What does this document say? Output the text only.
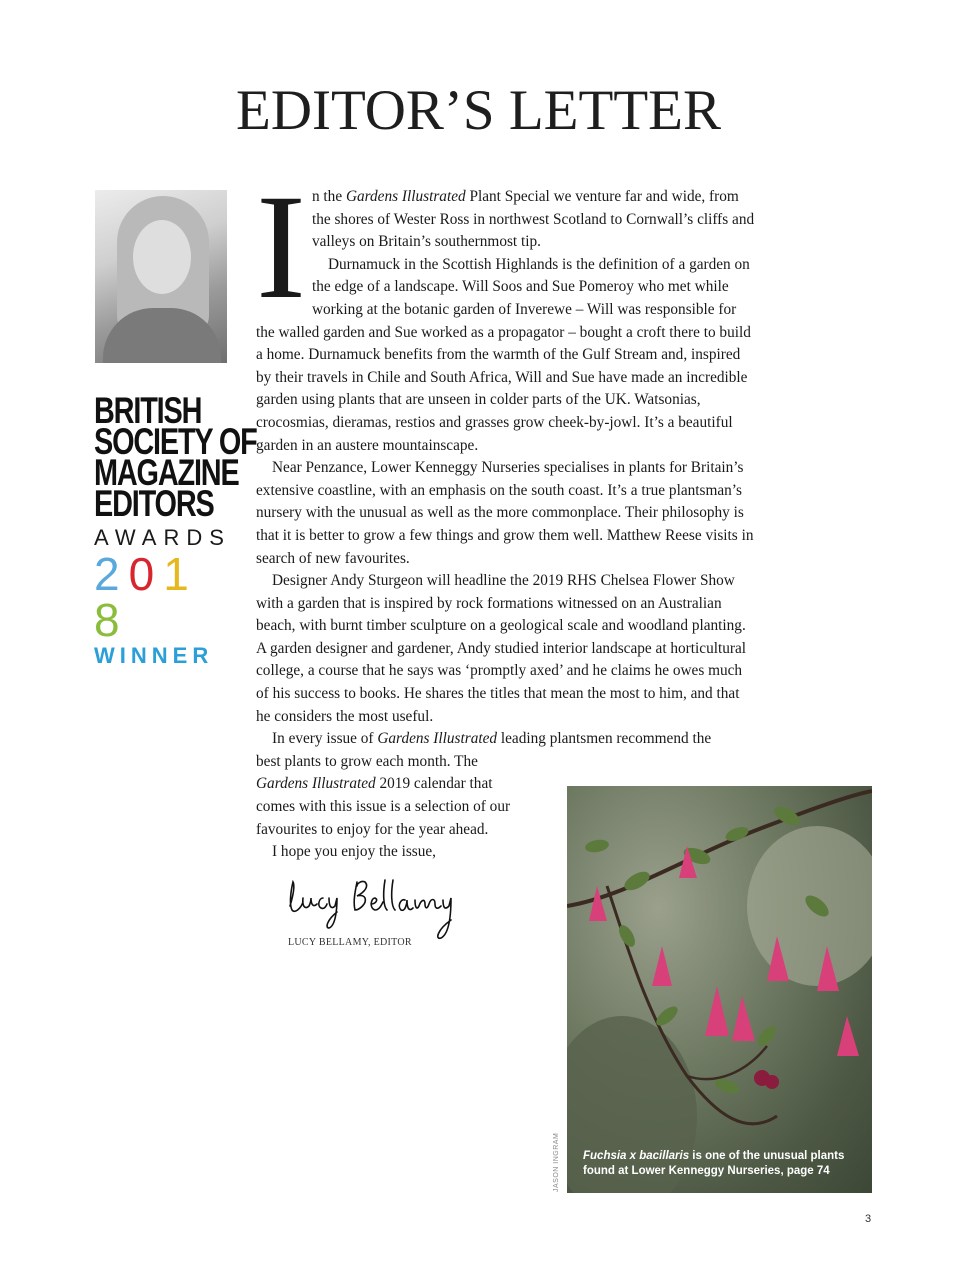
EDITOR’S LETTER
BRITISH
SOCIETY OF
MAGAZINE
EDITORS
AWARDS
2018
WINNER

In the Gardens Illustrated Plant Special we venture far and wide, from the shores of Wester Ross in northwest Scotland to Cornwall’s cliffs and valleys on Britain’s southernmost tip.

Durnamuck in the Scottish Highlands is the definition of a garden on the edge of a landscape. Will Soos and Sue Pomeroy who met while working at the botanic garden of Inverewe – Will was responsible for the walled garden and Sue worked as a propagator – bought a croft there to build a home. Durnamuck benefits from the warmth of the Gulf Stream and, inspired by their travels in Chile and South Africa, Will and Sue have made an incredible garden using plants that are unseen in colder parts of the UK. Watsonias, crocosmias, dieramas, restios and grasses grow cheek-by-jowl. It’s a beautiful garden in an austere mountainscape.

Near Penzance, Lower Kenneggy Nurseries specialises in plants for Britain’s extensive coastline, with an emphasis on the south coast. It’s a true plantsman’s nursery with the unusual as well as the more commonplace. Their philosophy is that it is better to grow a few things and grow them well. Matthew Reese visits in search of new favourites.

Designer Andy Sturgeon will headline the 2019 RHS Chelsea Flower Show with a garden that is inspired by rock formations witnessed on an Australian beach, with burnt timber sculpture on a geological scale and woodland planting. A garden designer and gardener, Andy studied interior landscape at horticultural college, a course that he says was ‘promptly axed’ and he claims he owes much of his success to books. He shares the titles that mean the most to him, and that he considers the most useful.

In every issue of Gardens Illustrated leading plantsmen recommend the
best plants to grow each month. The
Gardens Illustrated 2019 calendar that
comes with this issue is a selection of our
favourites to enjoy for the year ahead.

I hope you enjoy the issue,

LUCY BELLAMY, EDITOR
JASON INGRAM Fuchsia x bacillaris is one of the unusual plants found at Lower Kenneggy Nurseries, page 74
3
